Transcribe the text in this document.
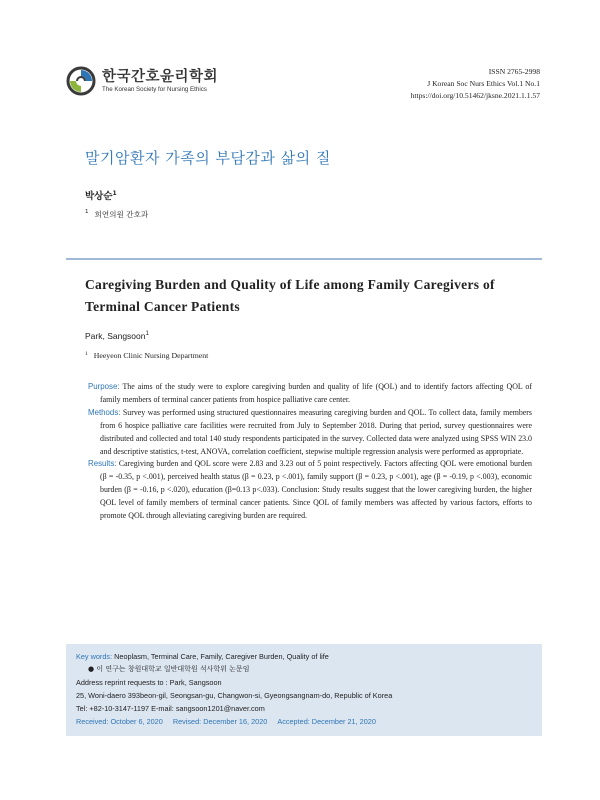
한국간호윤리학회
The Korean Society for Nursing Ethics
ISSN 2765-2998
J Korean Soc Nurs Ethics Vol.1 No.1
https://doi.org/10.51462/jksne.2021.1.1.57
말기암환자 가족의 부담감과 삶의 질
박상순$^1$
$^1$ 희연의원 간호과
Caregiving Burden and Quality of Life among Family Caregivers of Terminal Cancer Patients
Park, Sangsoon$^1$
$^1$ Heeyeon Clinic Nursing Department
Purpose: The aims of the study were to explore caregiving burden and quality of life (QOL) and to identify factors affecting QOL of family members of terminal cancer patients from hospice palliative care center.
Methods: Survey was performed using structured questionnaires measuring caregiving burden and QOL. To collect data, family members from 6 hospice palliative care facilities were recruited from July to September 2018. During that period, survey questionnaires were distributed and collected and total 140 study respondents participated in the survey. Collected data were analyzed using SPSS WIN 23.0 and descriptive statistics, t-test, ANOVA, correlation coefficient, stepwise multiple regression analysis were performed as appropriate.
Results: Caregiving burden and QOL score were 2.83 and 3.23 out of 5 point respectively. Factors affecting QOL were emotional burden (β = -0.35, p <.001), perceived health status (β = 0.23, p <.001), family support (β = 0.23, p <.001), age (β = -0.19, p <.003), economic burden (β = -0.16, p <.020), education (β=0.13 p<.033). Conclusion: Study results suggest that the lower caregiving burden, the higher QOL level of family members of terminal cancer patients. Since QOL of family members was affected by various factors, efforts to promote QOL through alleviating caregiving burden are required.
Key words: Neoplasm, Terminal Care, Family, Caregiver Burden, Quality of life
● 이 연구는 창원대학교 일반대학원 석사학위 논문임
Address reprint requests to : Park, Sangsoon
25, Woni-daero 393beon-gil, Seongsan-gu, Changwon-si, Gyeongsangnam-do, Republic of Korea
Tel: +82-10-3147-1197 E-mail: sangsoon1201@naver.com
Received: October 6, 2020 Revised: December 16, 2020 Accepted: December 21, 2020
